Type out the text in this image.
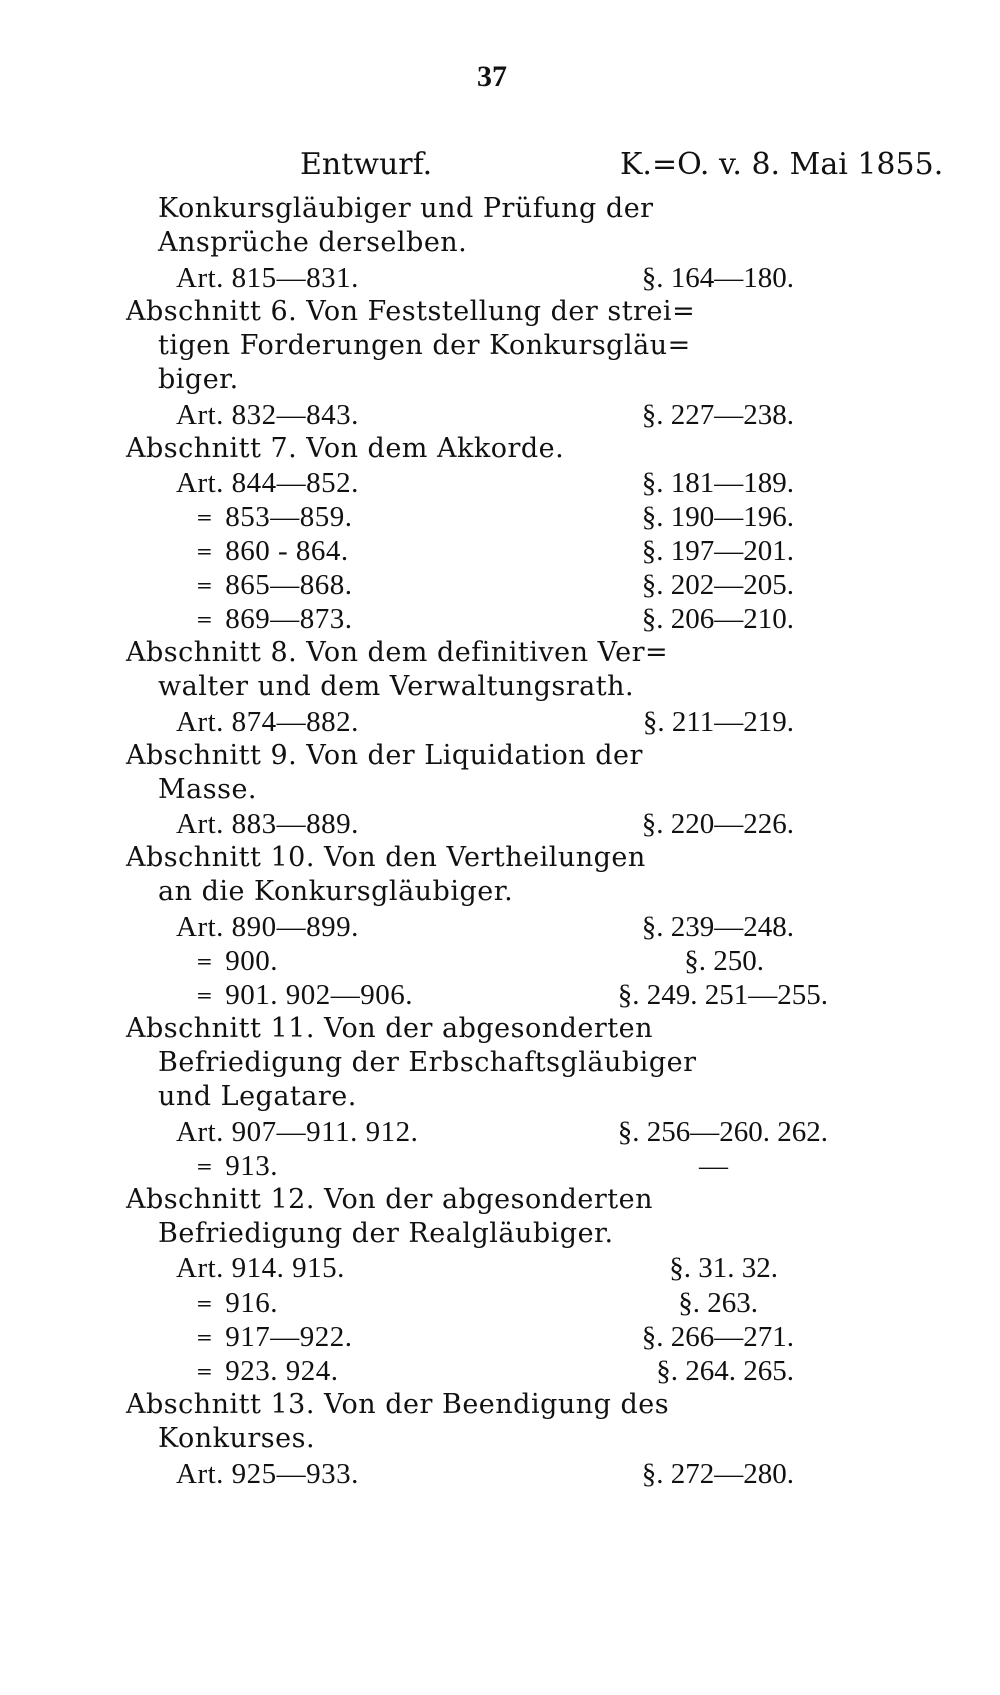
37
Entwurf.	K.=O. v. 8. Mai 1855.
Konkursgläubiger und Prüfung der
Ansprüche derselben.
Art. 815—831.	§. 164—180.
Abschnitt 6. Von Feststellung der strei=
tigen Forderungen der Konkursgläu=
biger.
Art. 832—843.	§. 227—238.
Abschnitt 7. Von dem Akkorde.
Art. 844—852.	§. 181—189.
= 853—859.	§. 190—196.
= 860 - 864.	§. 197—201.
= 865—868.	§. 202—205.
= 869—873.	§. 206—210.
Abschnitt 8. Von dem definitiven Ver=
walter und dem Verwaltungsrath.
Art. 874—882.	§. 211—219.
Abschnitt 9. Von der Liquidation der
Masse.
Art. 883—889.	§. 220—226.
Abschnitt 10. Von den Vertheilungen
an die Konkursgläubiger.
Art. 890—899.	§. 239—248.
= 900.	§. 250.
= 901. 902—906.	§. 249. 251—255.
Abschnitt 11. Von der abgesonderten
Befriedigung der Erbschaftsgläubiger
und Legatare.
Art. 907—911. 912.	§. 256—260. 262.
= 913.	—
Abschnitt 12. Von der abgesonderten
Befriedigung der Realgläubiger.
Art. 914. 915.	§. 31. 32.
= 916.	§. 263.
= 917—922.	§. 266—271.
= 923. 924.	§. 264. 265.
Abschnitt 13. Von der Beendigung des
Konkurses.
Art. 925—933.	§. 272—280.
